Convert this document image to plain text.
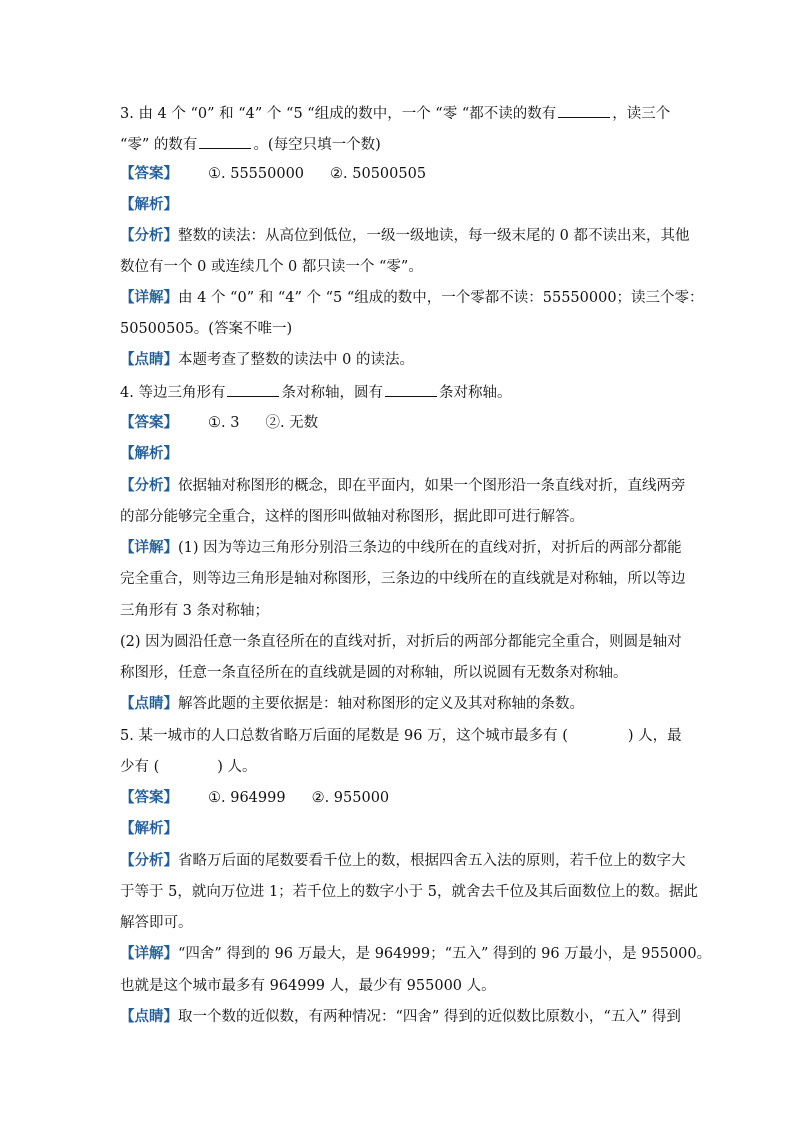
3. 由 4 个 “0” 和 “4” 个 “5 “组成的数中，一个 “零 “都不读的数有	，读三个
“零” 的数有	。(每空只填一个数)
【答案】 ①. 55550000 ②. 50500505
【解析】
【分析】整数的读法：从高位到低位，一级一级地读，每一级末尾的 0 都不读出来，其他
数位有一个 0 或连续几个 0 都只读一个 “零”。
【详解】由 4 个 “0” 和 “4” 个 “5 “组成的数中，一个零都不读：55550000；读三个零：
50500505。(答案不唯一)
【点睛】本题考查了整数的读法中 0 的读法。
4. 等边三角形有	条对称轴，圆有	条对称轴。
【答案】 ①. 3 ②. 无数
【解析】
【分析】依据轴对称图形的概念，即在平面内，如果一个图形沿一条直线对折，直线两旁
的部分能够完全重合，这样的图形叫做轴对称图形，据此即可进行解答。
【详解】(1) 因为等边三角形分别沿三条边的中线所在的直线对折，对折后的两部分都能
完全重合，则等边三角形是轴对称图形，三条边的中线所在的直线就是对称轴，所以等边
三角形有 3 条对称轴；
(2) 因为圆沿任意一条直径所在的直线对折，对折后的两部分都能完全重合，则圆是轴对
称图形，任意一条直径所在的直线就是圆的对称轴，所以说圆有无数条对称轴。
【点睛】解答此题的主要依据是：轴对称图形的定义及其对称轴的条数。
5. 某一城市的人口总数省略万后面的尾数是 96 万，这个城市最多有 (	) 人，最
少有 (	) 人。
【答案】 ①. 964999 ②. 955000
【解析】
【分析】省略万后面的尾数要看千位上的数，根据四舍五入法的原则，若千位上的数字大
于等于 5，就向万位进 1；若千位上的数字小于 5，就舍去千位及其后面数位上的数。据此
解答即可。
【详解】“四舍” 得到的 96 万最大，是 964999；“五入” 得到的 96 万最小，是 955000。
也就是这个城市最多有 964999 人，最少有 955000 人。
【点睛】取一个数的近似数，有两种情况：“四舍” 得到的近似数比原数小，“五入” 得到
